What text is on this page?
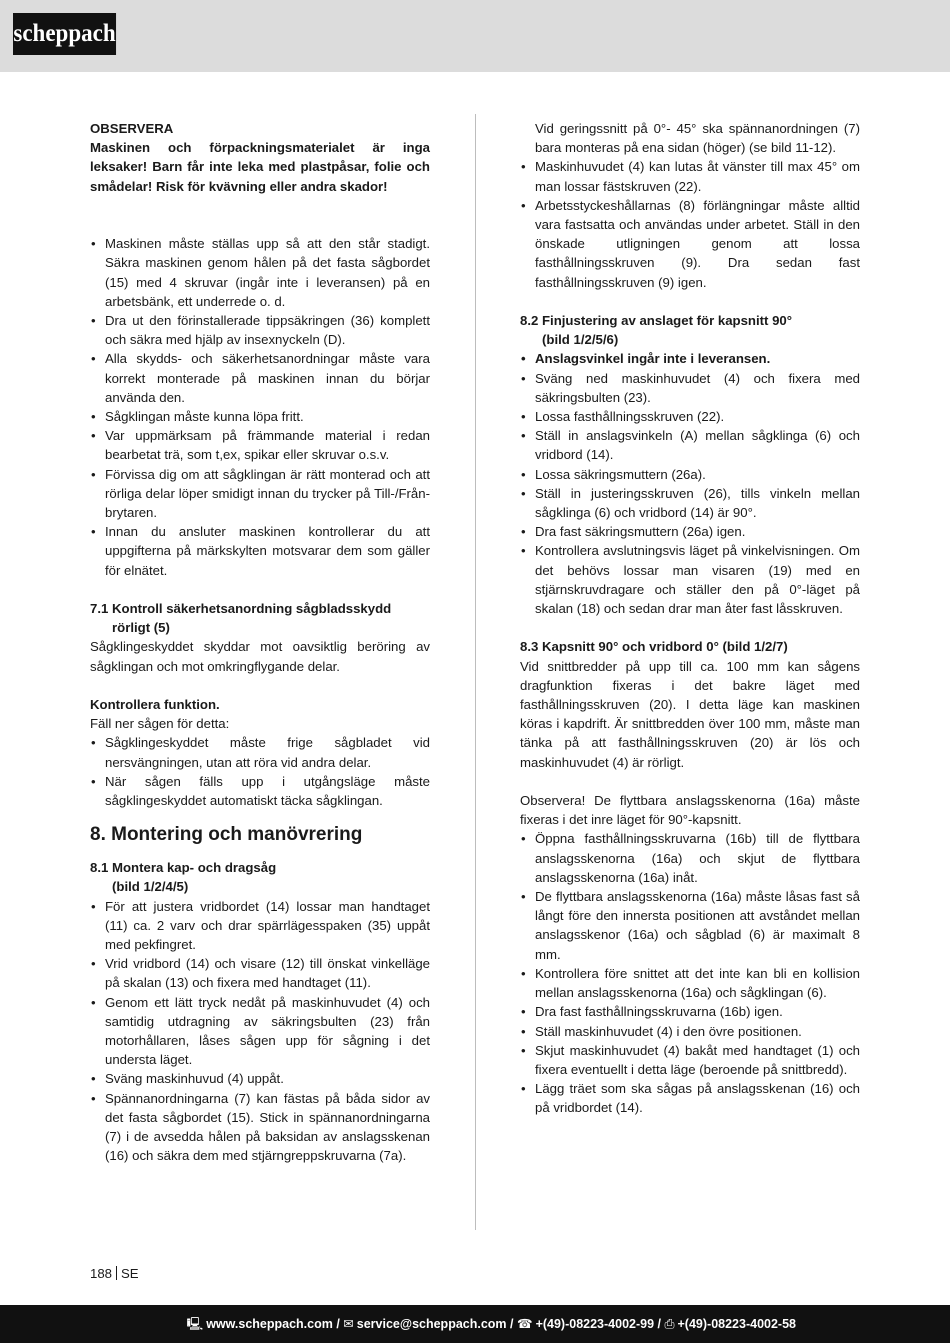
scheppach
OBSERVERA
Maskinen och förpackningsmaterialet är inga leksaker! Barn får inte leka med plastpåsar, folie och smådelar! Risk för kvävning eller andra skador!
• Maskinen måste ställas upp så att den står stadigt. Säkra maskinen genom hålen på det fasta sågbordet (15) med 4 skruvar (ingår inte i leveransen) på en arbetsbänk, ett underrede o. d.
• Dra ut den förinstallerade tippsäkringen (36) komplett och säkra med hjälp av insexnyckeln (D).
• Alla skydds- och säkerhetsanordningar måste vara korrekt monterade på maskinen innan du börjar använda den.
• Sågklingan måste kunna löpa fritt.
• Var uppmärksam på främmande material i redan bearbetat trä, som t,ex, spikar eller skruvar o.s.v.
• Förvissa dig om att sågklingan är rätt monterad och att rörliga delar löper smidigt innan du trycker på Till-/Från-brytaren.
• Innan du ansluter maskinen kontrollerar du att uppgifterna på märkskylten motsvarar dem som gäller för elnätet.
7.1 Kontroll säkerhetsanordning sågbladsskydd
rörligt (5)
Sågklingeskyddet skyddar mot oavsiktlig beröring av sågklingan och mot omkringflygande delar.
Kontrollera funktion.
Fäll ner sågen för detta:
• Sågklingeskyddet måste frige sågbladet vid nersvängningen, utan att röra vid andra delar.
• När sågen fälls upp i utgångsläge måste sågklingeskyddet automatiskt täcka sågklingan.
8. Montering och manövrering
8.1 Montera kap- och dragsåg
(bild 1/2/4/5)
• För att justera vridbordet (14) lossar man handtaget (11) ca. 2 varv och drar spärrlägesspaken (35) uppåt med pekfingret.
• Vrid vridbord (14) och visare (12) till önskat vinkelläge på skalan (13) och fixera med handtaget (11).
• Genom ett lätt tryck nedåt på maskinhuvudet (4) och samtidig utdragning av säkringsbulten (23) från motorhållaren, låses sågen upp för sågning i det understa läget.
• Sväng maskinhuvud (4) uppåt.
• Spännanordningarna (7) kan fästas på båda sidor av det fasta sågbordet (15). Stick in spännanordningarna (7) i de avsedda hålen på baksidan av anslagsskenan (16) och säkra dem med stjärngreppskruvarna (7a).
Vid geringssnitt på 0°- 45° ska spännanordningen (7) bara monteras på ena sidan (höger) (se bild 11-12).
• Maskinhuvudet (4) kan lutas åt vänster till max 45° om man lossar fästskruven (22).
• Arbetsstyckeshållarnas (8) förlängningar måste alltid vara fastsatta och användas under arbetet. Ställ in den önskade utligningen genom att lossa fasthållningsskruven (9). Dra sedan fast fasthållningsskruven (9) igen.
8.2 Finjustering av anslaget för kapsnitt 90°
(bild 1/2/5/6)
• Anslagsvinkel ingår inte i leveransen.
• Sväng ned maskinhuvudet (4) och fixera med säkringsbulten (23).
• Lossa fasthållningsskruven (22).
• Ställ in anslagsvinkeln (A) mellan sågklinga (6) och vridbord (14).
• Lossa säkringsmuttern (26a).
• Ställ in justeringsskruven (26), tills vinkeln mellan sågklinga (6) och vridbord (14) är 90°.
• Dra fast säkringsmuttern (26a) igen.
• Kontrollera avslutningsvis läget på vinkelvisningen. Om det behövs lossar man visaren (19) med en stjärnskruvdragare och ställer den på 0°-läget på skalan (18) och sedan drar man åter fast låsskruven.
8.3 Kapsnitt 90° och vridbord 0° (bild 1/2/7)
Vid snittbredder på upp till ca. 100 mm kan sågens dragfunktion fixeras i det bakre läget med fasthållningsskruven (20). I detta läge kan maskinen köras i kapdrift. Är snittbredden över 100 mm, måste man tänka på att fasthållningsskruven (20) är lös och maskinhuvudet (4) är rörligt.
Observera! De flyttbara anslagsskenorna (16a) måste fixeras i det inre läget för 90°-kapsnitt.
• Öppna fasthållningsskruvarna (16b) till de flyttbara anslagsskenorna (16a) och skjut de flyttbara anslagsskenorna (16a) inåt.
• De flyttbara anslagsskenorna (16a) måste låsas fast så långt före den innersta positionen att avståndet mellan anslagsskenor (16a) och sågblad (6) är maximalt 8 mm.
• Kontrollera före snittet att det inte kan bli en kollision mellan anslagsskenorna (16a) och sågklingan (6).
• Dra fast fasthållningsskruvarna (16b) igen.
• Ställ maskinhuvudet (4) i den övre positionen.
• Skjut maskinhuvudet (4) bakåt med handtaget (1) och fixera eventuellt i detta läge (beroende på snittbredd).
• Lägg träet som ska sågas på anslagsskenan (16) och på vridbordet (14).
188 SE
🖳 www.scheppach.com / ✉ service@scheppach.com / ☎ +(49)-08223-4002-99 / ⎙ +(49)-08223-4002-58
